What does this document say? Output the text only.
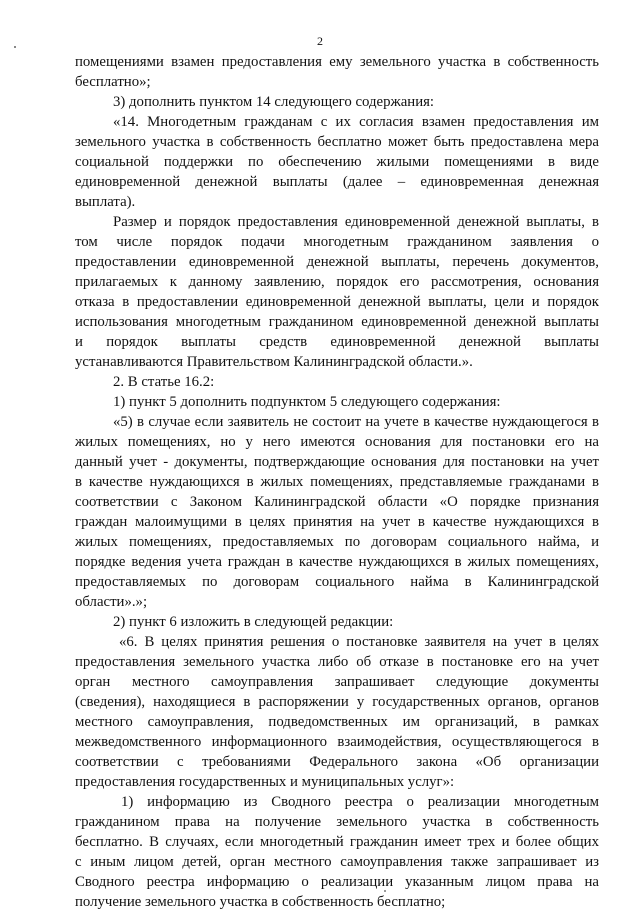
2
помещениями взамен предоставления ему земельного участка в собственность
бесплатно»;
3) дополнить пунктом 14 следующего содержания:
«14. Многодетным гражданам с их согласия взамен предоставления им
земельного участка в собственность бесплатно может быть предоставлена мера
социальной поддержки по обеспечению жилыми помещениями в виде
единовременной денежной выплаты (далее – единовременная денежная
выплата).
Размер и порядок предоставления единовременной денежной выплаты, в
том числе порядок подачи многодетным гражданином заявления о
предоставлении единовременной денежной выплаты, перечень документов,
прилагаемых к данному заявлению, порядок его рассмотрения, основания
отказа в предоставлении единовременной денежной выплаты, цели и порядок
использования многодетным гражданином единовременной денежной выплаты
и порядок выплаты средств единовременной денежной выплаты
устанавливаются Правительством Калининградской области.».
2. В статье 16.2:
1) пункт 5 дополнить подпунктом 5 следующего содержания:
«5) в случае если заявитель не состоит на учете в качестве нуждающегося в
жилых помещениях, но у него имеются основания для постановки его на
данный учет - документы, подтверждающие основания для постановки на учет
в качестве нуждающихся в жилых помещениях, представляемые гражданами в
соответствии с Законом Калининградской области «О порядке признания
граждан малоимущими в целях принятия на учет в качестве нуждающихся в
жилых помещениях, предоставляемых по договорам социального найма, и
порядке ведения учета граждан в качестве нуждающихся в жилых помещениях,
предоставляемых по договорам социального найма в Калининградской
области».»;
2) пункт 6 изложить в следующей редакции:
«6. В целях принятия решения о постановке заявителя на учет в целях
предоставления земельного участка либо об отказе в постановке его на учет
орган местного самоуправления запрашивает следующие документы
(сведения), находящиеся в распоряжении у государственных органов, органов
местного самоуправления, подведомственных им организаций, в рамках
межведомственного информационного взаимодействия, осуществляющегося в
соответствии с требованиями Федерального закона «Об организации
предоставления государственных и муниципальных услуг»:
1) информацию из Сводного реестра о реализации многодетным
гражданином права на получение земельного участка в собственность
бесплатно. В случаях, если многодетный гражданин имеет трех и более общих
с иным лицом детей, орган местного самоуправления также запрашивает из
Сводного реестра информацию о реализации указанным лицом права на
получение земельного участка в собственность бесплатно;
